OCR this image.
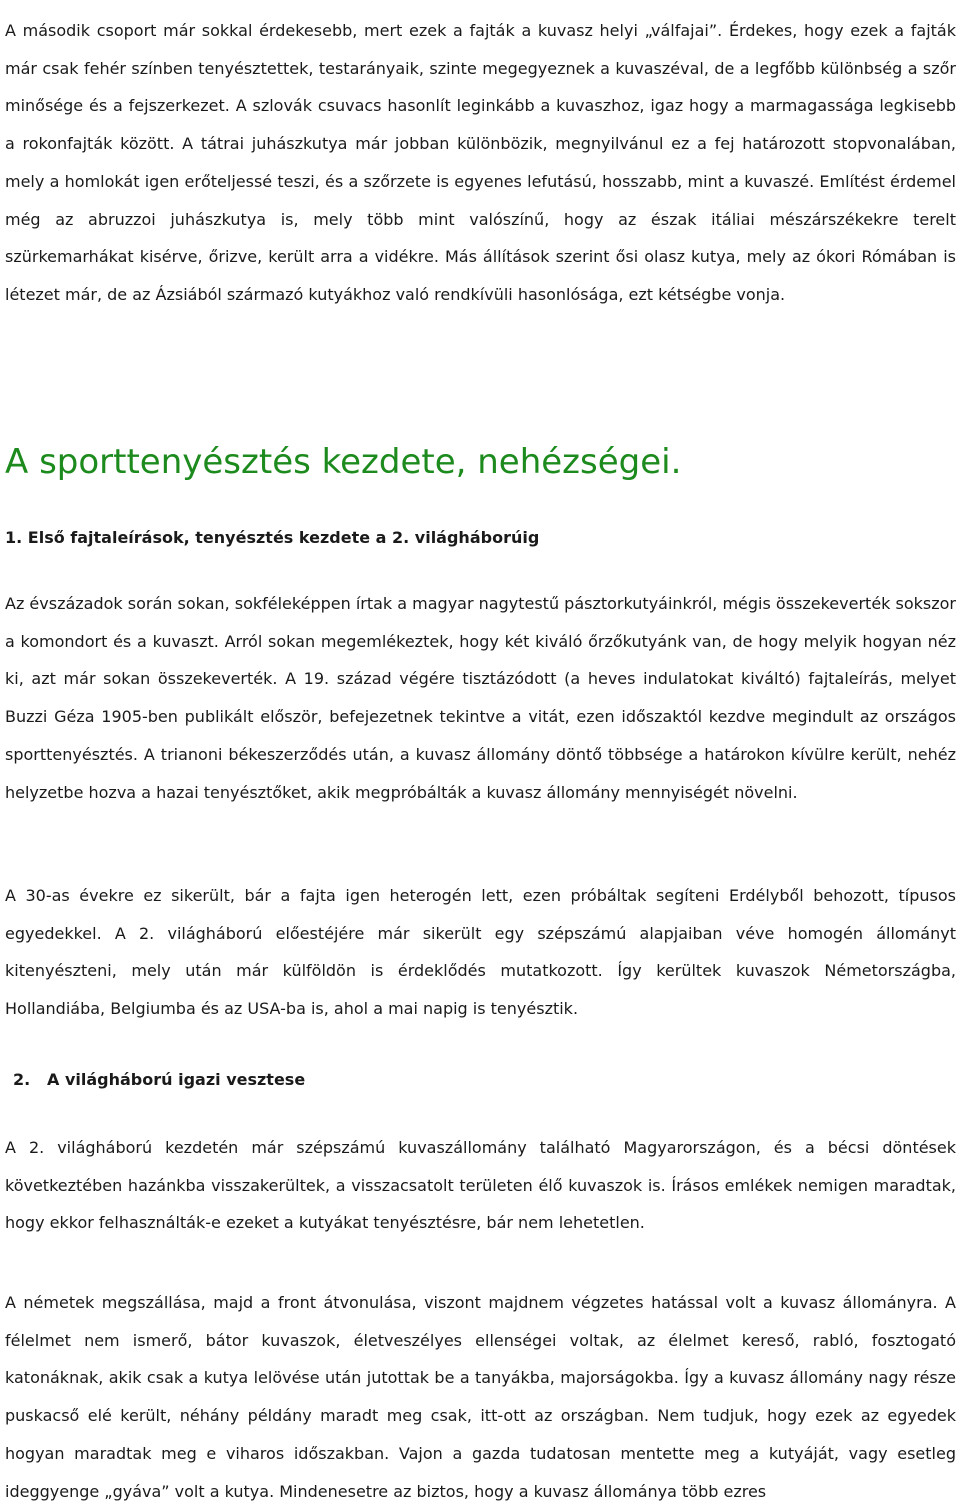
A második csoport már sokkal érdekesebb, mert ezek a fajták a kuvasz helyi „válfajai”. Érdekes, hogy ezek a fajták már csak fehér színben tenyésztettek, testarányaik, szinte megegyeznek a kuvaszéval, de a legfőbb különbség a szőr minősége és a fejszerkezet. A szlovák csuvacs hasonlít leginkább a kuvaszhoz, igaz hogy a marmagassága legkisebb a rokonfajták között. A tátrai juhászkutya már jobban különbözik, megnyilvánul ez a fej határozott stopvonalában, mely a homlokát igen erőteljessé teszi, és a szőrzete is egyenes lefutású, hosszabb, mint a kuvaszé. Említést érdemel még az abruzzoi juhászkutya is, mely több mint valószínű, hogy az észak itáliai mészárszékekre terelt szürkemarhákat kisérve, őrizve, került arra a vidékre. Más állítások szerint ősi olasz kutya, mely az ókori Rómában is létezet már, de az Ázsiából származó kutyákhoz való rendkívüli hasonlósága, ezt kétségbe vonja.

A sporttenyésztés kezdete, nehézségei.

1. Első fajtaleírások, tenyésztés kezdete a 2. világháborúig

Az évszázadok során sokan, sokféleképpen írtak a magyar nagytestű pásztorkutyáinkról, mégis összekeverték sokszor a komondort és a kuvaszt. Arról sokan megemlékeztek, hogy két kiváló őrzőkutyánk van, de hogy melyik hogyan néz ki, azt már sokan összekeverték. A 19. század végére tisztázódott (a heves indulatokat kiváltó) fajtaleírás, melyet Buzzi Géza 1905-ben publikált először, befejezetnek tekintve a vitát, ezen időszaktól kezdve megindult az országos sporttenyésztés. A trianoni békeszerződés után, a kuvasz állomány döntő többsége a határokon kívülre került, nehéz helyzetbe hozva a hazai tenyésztőket, akik megpróbálták a kuvasz állomány mennyiségét növelni.

A 30-as évekre ez sikerült, bár a fajta igen heterogén lett, ezen próbáltak segíteni Erdélyből behozott, típusos egyedekkel. A 2. világháború előestéjére már sikerült egy szépszámú alapjaiban véve homogén állományt kitenyészteni, mely után már külföldön is érdeklődés mutatkozott. Így kerültek kuvaszok Németországba, Hollandiába, Belgiumba és az USA-ba is, ahol a mai napig is tenyésztik.

2. A világháború igazi vesztese

A 2. világháború kezdetén már szépszámú kuvaszállomány található Magyarországon, és a bécsi döntések következtében hazánkba visszakerültek, a visszacsatolt területen élő kuvaszok is. Írásos emlékek nemigen maradtak, hogy ekkor felhasználták-e ezeket a kutyákat tenyésztésre, bár nem lehetetlen.

A németek megszállása, majd a front átvonulása, viszont majdnem végzetes hatással volt a kuvasz állományra. A félelmet nem ismerő, bátor kuvaszok, életveszélyes ellenségei voltak, az élelmet kereső, rabló, fosztogató katonáknak, akik csak a kutya lelövése után jutottak be a tanyákba, majorságokba. Így a kuvasz állomány nagy része puskacső elé került, néhány példány maradt meg csak, itt-ott az országban. Nem tudjuk, hogy ezek az egyedek hogyan maradtak meg e viharos időszakban. Vajon a gazda tudatosan mentette meg a kutyáját, vagy esetleg ideggyenge „gyáva” volt a kutya. Mindenesetre az biztos, hogy a kuvasz állománya több ezres
